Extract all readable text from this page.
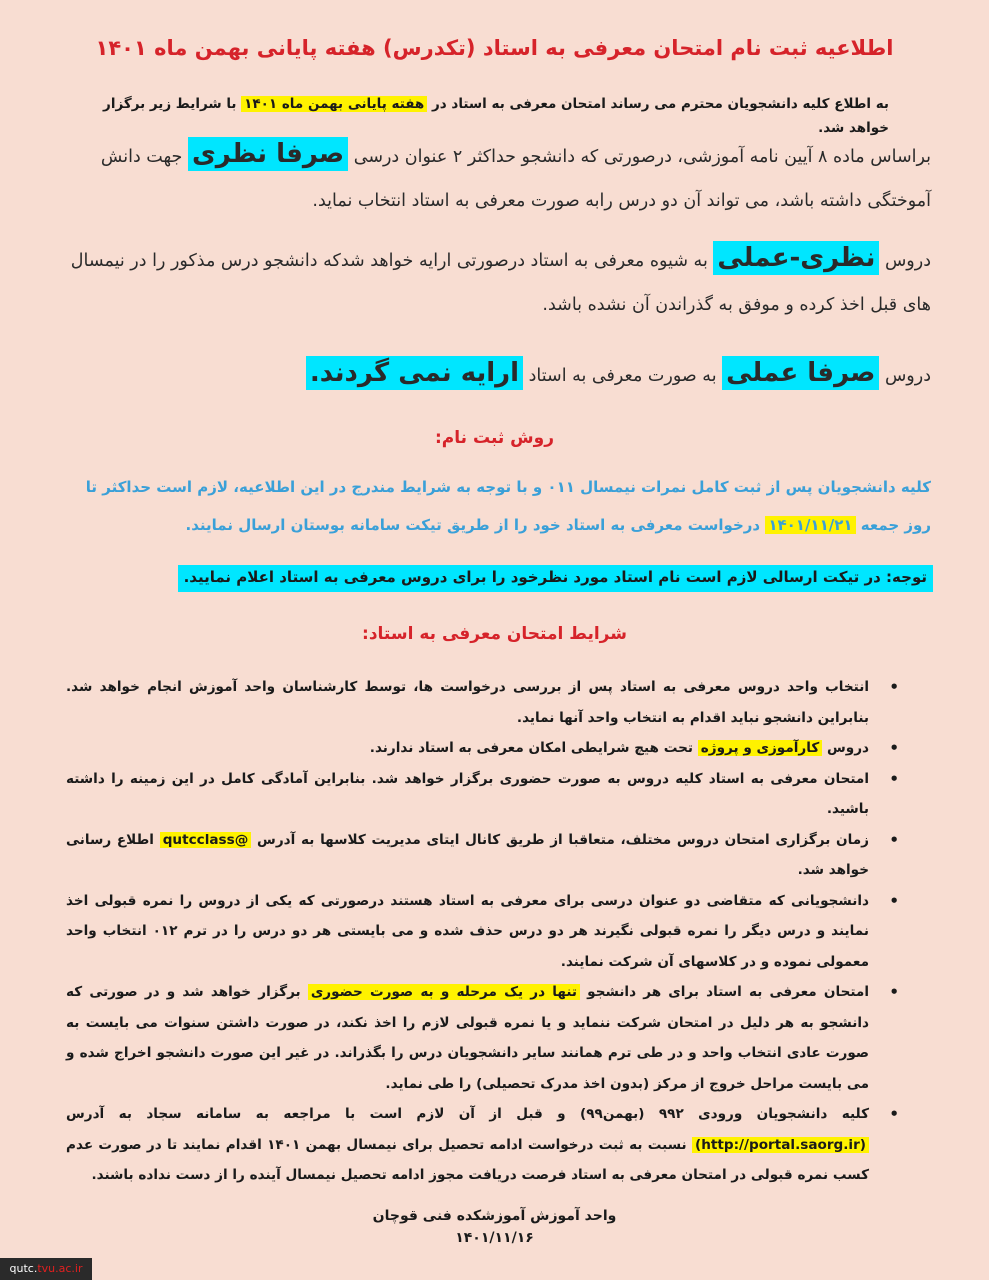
اطلاعیه ثبت نام امتحان معرفی به استاد (تکدرس) هفته پایانی بهمن ماه ۱۴۰۱
به اطلاع کلیه دانشجویان محترم می رساند امتحان معرفی به استاد در هفته پایانی بهمن ماه ۱۴۰۱ با شرایط زیر برگزار خواهد شد.
براساس ماده ۸ آیین نامه آموزشی، درصورتی که دانشجو حداکثر ۲ عنوان درسی صرفا نظری جهت دانش آموختگی داشته باشد، می تواند آن دو درس رابه صورت معرفی به استاد انتخاب نماید.
دروس نظری-عملی به شیوه معرفی به استاد درصورتی ارایه خواهد شدکه دانشجو درس مذکور را در نیمسال های قبل اخذ کرده و موفق به گذراندن آن نشده باشد.
دروس صرفا عملی به صورت معرفی به استاد ارایه نمی گردند.
روش ثبت نام:
کلیه دانشجویان پس از ثبت کامل نمرات نیمسال ۰۱۱ و با توجه به شرایط مندرج در این اطلاعیه، لازم است حداکثر تا روز جمعه ۱۴۰۱/۱۱/۲۱ درخواست معرفی به استاد خود را از طریق تیکت سامانه بوستان ارسال نمایند.
توجه: در تیکت ارسالی لازم است نام استاد مورد نظرخود را برای دروس معرفی به استاد اعلام نمایید.
شرایط امتحان معرفی به استاد:
•
انتخاب واحد دروس معرفی به استاد پس از بررسی درخواست ها، توسط کارشناسان واحد آموزش انجام خواهد شد. بنابراین دانشجو نباید اقدام به انتخاب واحد آنها نماید.
•
دروس کارآموزی و پروژه تحت هیچ شرایطی امکان معرفی به استاد ندارند.
•
امتحان معرفی به استاد کلیه دروس به صورت حضوری برگزار خواهد شد. بنابراین آمادگی کامل در این زمینه را داشته باشید.
•
زمان برگزاری امتحان دروس مختلف، متعاقبا از طریق کانال ایتای مدیریت کلاسها به آدرس @qutcclass اطلاع رسانی خواهد شد.
•
دانشجویانی که متقاضی دو عنوان درسی برای معرفی به استاد هستند درصورتی که یکی از دروس را نمره قبولی اخذ نمایند و درس دیگر را نمره قبولی نگیرند هر دو درس حذف شده و می بایستی هر دو درس را در ترم ۰۱۲ انتخاب واحد معمولی نموده و در کلاسهای آن شرکت نمایند.
•
امتحان معرفی به استاد برای هر دانشجو تنها در یک مرحله و به صورت حضوری برگزار خواهد شد و در صورتی که دانشجو به هر دلیل در امتحان شرکت ننماید و یا نمره قبولی لازم را اخذ نکند، در صورت داشتن سنوات می بایست به صورت عادی انتخاب واحد و در طی ترم همانند سایر دانشجویان درس را بگذراند. در غیر این صورت دانشجو اخراج شده و می بایست مراحل خروج از مرکز (بدون اخذ مدرک تحصیلی) را طی نماید.
•
کلیه دانشجویان ورودی ۹۹۲ (بهمن۹۹) و قبل از آن لازم است با مراجعه به سامانه سجاد به آدرس (http://portal.saorg.ir) نسبت به ثبت درخواست ادامه تحصیل برای نیمسال بهمن ۱۴۰۱ اقدام نمایند تا در صورت عدم کسب نمره قبولی در امتحان معرفی به استاد فرصت دریافت مجوز ادامه تحصیل نیمسال آینده را از دست نداده باشند.
واحد آموزش آموزشکده فنی قوچان
۱۴۰۱/۱۱/۱۶
qutc.tvu.ac.ir
